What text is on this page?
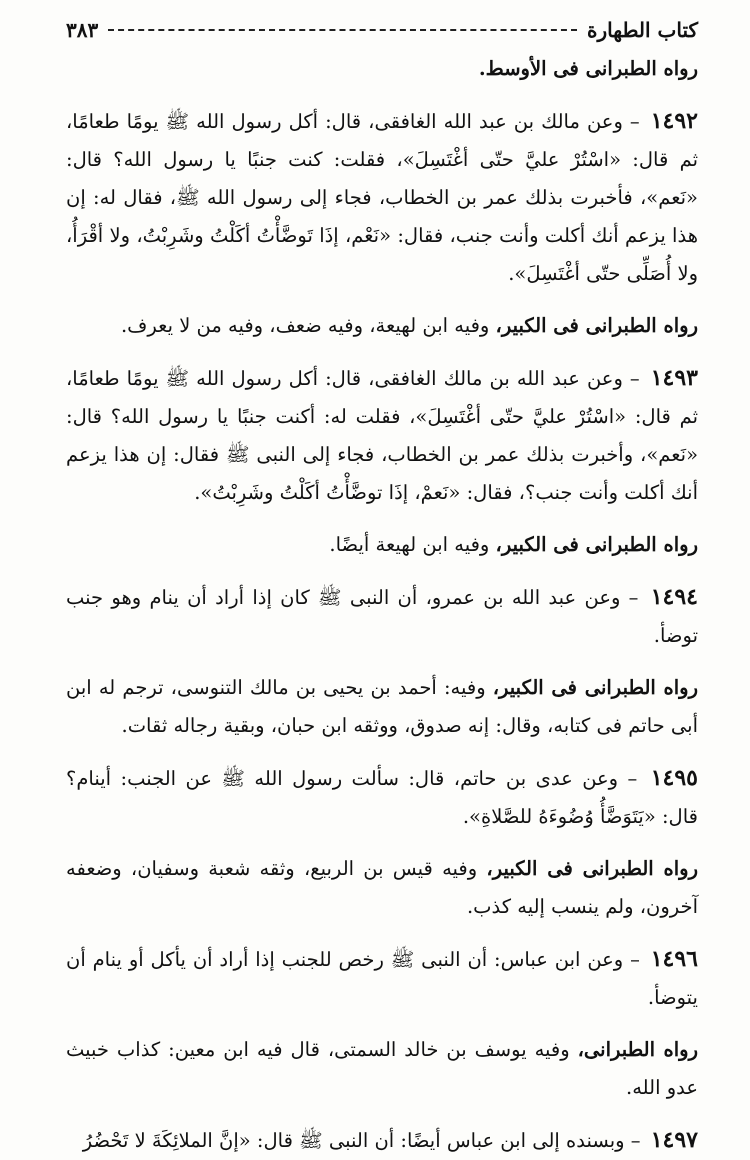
كتاب الطهارة
٣٨٣

رواه الطبرانى فى الأوسط.

١٤٩٢ – وعن مالك بن عبد الله الغافقى، قال: أكل رسول الله ﷺ يومًا طعامًا، ثم قال: «اسْتُرْ عليَّ حتّى أغْتَسِلَ»، فقلت: كنت جنبًا يا رسول الله؟ قال: «نَعم»، فأخبرت بذلك عمر بن الخطاب، فجاء إلى رسول الله ﷺ، فقال له: إن هذا يزعم أنك أكلت وأنت جنب، فقال: «نَعْم، إذَا تَوضَّأْتُ أكَلْتُ وشَرِبْتُ، ولا أقْرَأُ، ولا أُصَلِّى حتّى أغْتَسِلَ».

رواه الطبرانى فى الكبير، وفيه ابن لهيعة، وفيه ضعف، وفيه من لا يعرف.

١٤٩٣ – وعن عبد الله بن مالك الغافقى، قال: أكل رسول الله ﷺ يومًا طعامًا، ثم قال: «اسْتُرْ عليَّ حتّى أغْتَسِلَ»، فقلت له: أكنت جنبًا يا رسول الله؟ قال: «نَعم»، وأخبرت بذلك عمر بن الخطاب، فجاء إلى النبى ﷺ فقال: إن هذا يزعم أنك أكلت وأنت جنب؟، فقال: «نَعمْ، إذَا توضَّأْتُ أكَلْتُ وشَرِبْتُ».

رواه الطبرانى فى الكبير، وفيه ابن لهيعة أيضًا.

١٤٩٤ – وعن عبد الله بن عمرو، أن النبى ﷺ كان إذا أراد أن ينام وهو جنب توضأ.

رواه الطبرانى فى الكبير، وفيه: أحمد بن يحيى بن مالك التنوسى، ترجم له ابن أبى حاتم فى كتابه، وقال: إنه صدوق، ووثقه ابن حبان، وبقية رجاله ثقات.

١٤٩٥ – وعن عدى بن حاتم، قال: سألت رسول الله ﷺ عن الجنب: أينام؟ قال: «يَتَوَضَّأُ وُضُوءَهُ للصَّلاةِ».

رواه الطبرانى فى الكبير، وفيه قيس بن الربيع، وثقه شعبة وسفيان، وضعفه آخرون، ولم ينسب إليه كذب.

١٤٩٦ – وعن ابن عباس: أن النبى ﷺ رخص للجنب إذا أراد أن يأكل أو ينام أن يتوضأ.

رواه الطبرانى، وفيه يوسف بن خالد السمتى، قال فيه ابن معين: كذاب خبيث عدو الله.

١٤٩٧ – وبسنده إلى ابن عباس أيضًا: أن النبى ﷺ قال: «إنَّ الملائِكَةَ لا تَحْضُرُ
